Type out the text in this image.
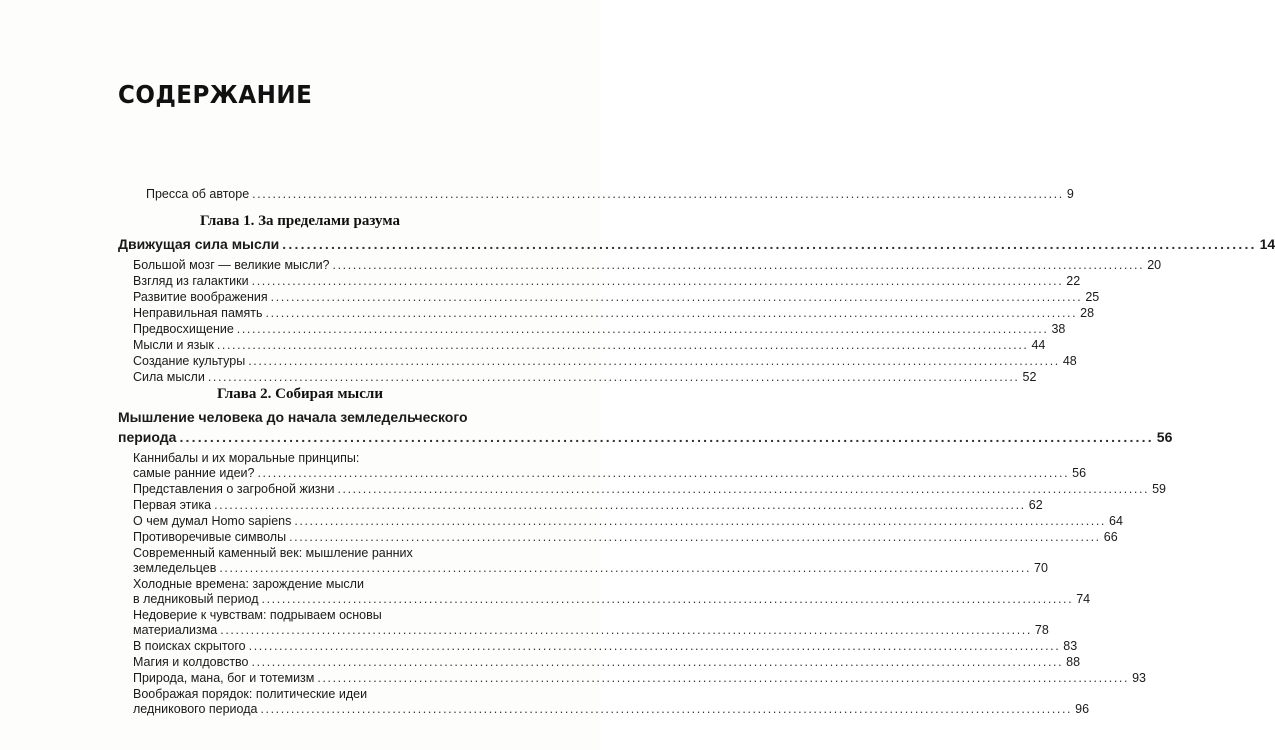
СОДЕРЖАНИЕ
Пресса об авторе ................................................................................................................................................................ 9
Глава 1. За пределами разума
Движущая сила мысли ................................................................................................................................................................ 14
Большой мозг — великие мысли? ................................................................................................................................................................ 20
Взгляд из галактики ................................................................................................................................................................ 22
Развитие воображения ................................................................................................................................................................ 25
Неправильная память ................................................................................................................................................................ 28
Предвосхищение ................................................................................................................................................................ 38
Мысли и язык ................................................................................................................................................................ 44
Создание культуры ................................................................................................................................................................ 48
Сила мысли ................................................................................................................................................................ 52
Глава 2. Собирая мысли
Мышление человека до начала земледельческого
периода ................................................................................................................................................................ 56
Каннибалы и их моральные принципы:
самые ранние идеи? ................................................................................................................................................................ 56
Представления о загробной жизни ................................................................................................................................................................ 59
Первая этика ................................................................................................................................................................ 62
О чем думал Homo sapiens ................................................................................................................................................................ 64
Противоречивые символы ................................................................................................................................................................ 66
Современный каменный век: мышление ранних
земледельцев ................................................................................................................................................................ 70
Холодные времена: зарождение мысли
в ледниковый период ................................................................................................................................................................ 74
Недоверие к чувствам: подрываем основы
материализма ................................................................................................................................................................ 78
В поисках скрытого ................................................................................................................................................................ 83
Магия и колдовство ................................................................................................................................................................ 88
Природа, мана, бог и тотемизм ................................................................................................................................................................ 93
Воображая порядок: политические идеи
ледникового периода ................................................................................................................................................................ 96
